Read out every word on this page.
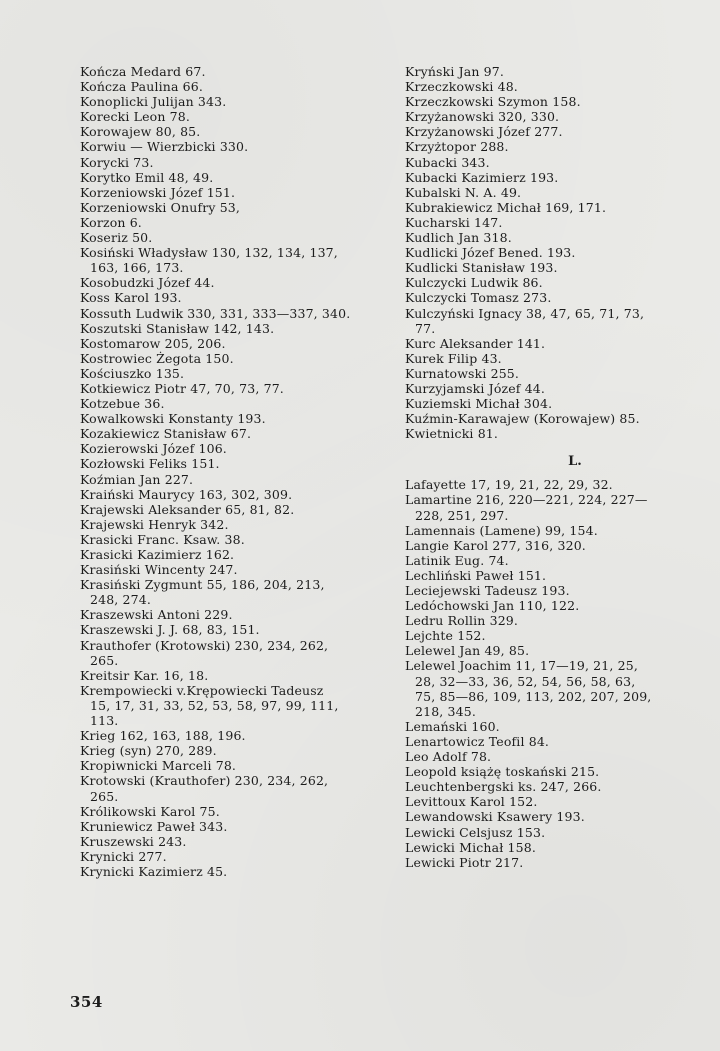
Kończa Medard 67.
Kończa Paulina 66.
Konoplicki Julijan 343.
Korecki Leon 78.
Korowajew 80, 85.
Korwiu — Wierzbicki 330.
Korycki 73.
Korytko Emil 48, 49.
Korzeniowski Józef 151.
Korzeniowski Onufry 53,
Korzon 6.
Koseriz 50.
Kosiński Władysław 130, 132, 134, 137,
163, 166, 173.
Kosobudzki Józef 44.
Koss Karol 193.
Kossuth Ludwik 330, 331, 333—337, 340.
Koszutski Stanisław 142, 143.
Kostomarow 205, 206.
Kostrowiec Żegota 150.
Kościuszko 135.
Kotkiewicz Piotr 47, 70, 73, 77.
Kotzebue 36.
Kowalkowski Konstanty 193.
Kozakiewicz Stanisław 67.
Kozierowski Józef 106.
Kozłowski Feliks 151.
Koźmian Jan 227.
Kraiński Maurycy 163, 302, 309.
Krajewski Aleksander 65, 81, 82.
Krajewski Henryk 342.
Krasicki Franc. Ksaw. 38.
Krasicki Kazimierz 162.
Krasiński Wincenty 247.
Krasiński Zygmunt 55, 186, 204, 213,
248, 274.
Kraszewski Antoni 229.
Kraszewski J. J. 68, 83, 151.
Krauthofer (Krotowski) 230, 234, 262,
265.
Kreitsir Kar. 16, 18.
Krempowiecki v.Krępowiecki Tadeusz
15, 17, 31, 33, 52, 53, 58, 97, 99, 111,
113.
Krieg 162, 163, 188, 196.
Krieg (syn) 270, 289.
Kropiwnicki Marceli 78.
Krotowski (Krauthofer) 230, 234, 262,
265.
Królikowski Karol 75.
Kruniewicz Paweł 343.
Kruszewski 243.
Krynicki 277.
Krynicki Kazimierz 45.
Kryński Jan 97.
Krzeczkowski 48.
Krzeczkowski Szymon 158.
Krzyżanowski 320, 330.
Krzyżanowski Józef 277.
Krzyżtopor 288.
Kubacki 343.
Kubacki Kazimierz 193.
Kubalski N. A. 49.
Kubrakiewicz Michał 169, 171.
Kucharski 147.
Kudlich Jan 318.
Kudlicki Józef Bened. 193.
Kudlicki Stanisław 193.
Kulczycki Ludwik 86.
Kulczycki Tomasz 273.
Kulczyński Ignacy 38, 47, 65, 71, 73,
77.
Kurc Aleksander 141.
Kurek Filip 43.
Kurnatowski 255.
Kurzyjamski Józef 44.
Kuziemski Michał 304.
Kuźmin-Karawajew (Korowajew) 85.
Kwietnicki 81.
L.
Lafayette 17, 19, 21, 22, 29, 32.
Lamartine 216, 220—221, 224, 227—
228, 251, 297.
Lamennais (Lamene) 99, 154.
Langie Karol 277, 316, 320.
Latinik Eug. 74.
Lechliński Paweł 151.
Leciejewski Tadeusz 193.
Ledóchowski Jan 110, 122.
Ledru Rollin 329.
Lejchte 152.
Lelewel Jan 49, 85.
Lelewel Joachim 11, 17—19, 21, 25,
28, 32—33, 36, 52, 54, 56, 58, 63,
75, 85—86, 109, 113, 202, 207, 209,
218, 345.
Lemański 160.
Lenartowicz Teofil 84.
Leo Adolf 78.
Leopold książę toskański 215.
Leuchtenbergski ks. 247, 266.
Levittoux Karol 152.
Lewandowski Ksawery 193.
Lewicki Celsjusz 153.
Lewicki Michał 158.
Lewicki Piotr 217.
354
